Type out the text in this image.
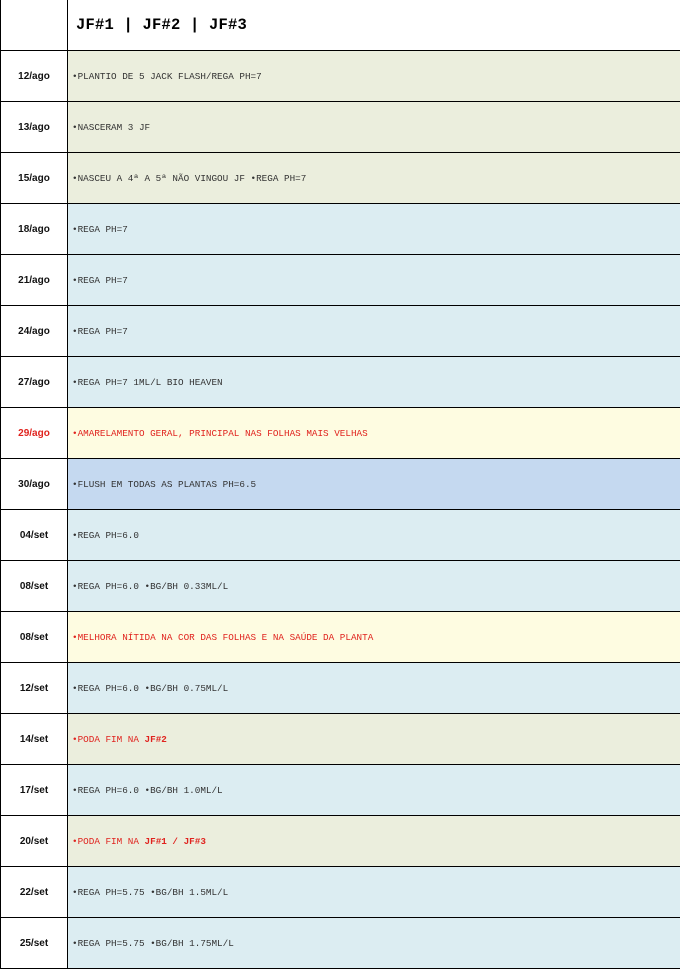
JF#1 | JF#2 | JF#3
12/ago	•PLANTIO DE 5 JACK FLASH/REGA PH=7
13/ago	•NASCERAM 3 JF
15/ago	•NASCEU A 4ª A 5ª NÃO VINGOU JF •REGA PH=7
18/ago	•REGA PH=7
21/ago	•REGA PH=7
24/ago	•REGA PH=7
27/ago	•REGA PH=7 1ML/L BIO HEAVEN
29/ago	•AMARELAMENTO GERAL, PRINCIPAL NAS FOLHAS MAIS VELHAS
30/ago	•FLUSH EM TODAS AS PLANTAS PH=6.5
04/set	•REGA PH=6.0
08/set	•REGA PH=6.0 •BG/BH 0.33ML/L
08/set	•MELHORA NÍTIDA NA COR DAS FOLHAS E NA SAÚDE DA PLANTA
12/set	•REGA PH=6.0 •BG/BH 0.75ML/L
14/set	•PODA FIM NA JF#2
17/set	•REGA PH=6.0 •BG/BH 1.0ML/L
20/set	•PODA FIM NA JF#1 / JF#3
22/set	•REGA PH=5.75 •BG/BH 1.5ML/L
25/set	•REGA PH=5.75 •BG/BH 1.75ML/L
